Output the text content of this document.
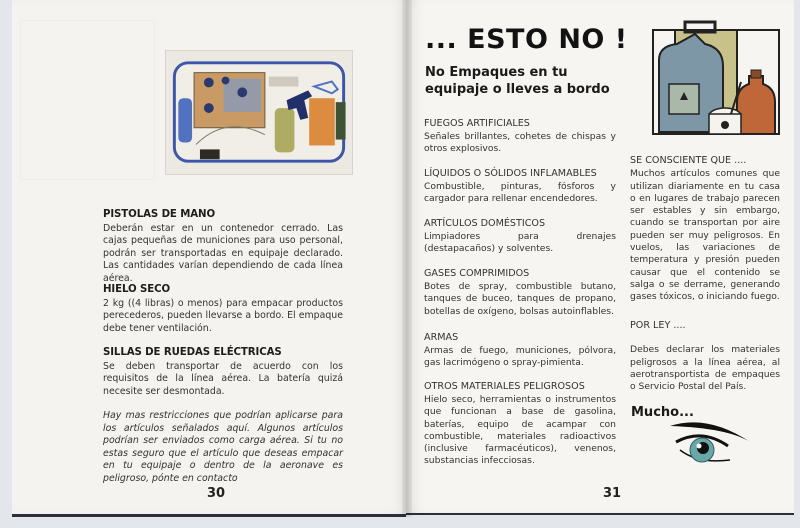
PISTOLAS DE MANO
Deberán estar en un contenedor cerrado. Las cajas pequeñas de municiones para uso personal, podrán ser transportadas en equipaje declarado. Las cantidades varían dependiendo de cada línea aérea.
HIELO SECO
2 kg ((4 libras) o menos) para empacar productos perecederos, pueden llevarse a bordo. El empaque debe tener ventilación.
SILLAS DE RUEDAS ELÉCTRICAS
Se deben transportar de acuerdo con los requisitos de la línea aérea. La batería quizá necesite ser desmontada.
Hay mas restricciones que podrían aplicarse para los artículos señalados aquí. Algunos artículos podrían ser enviados como carga aérea. Si tu no estas seguro que el artículo que deseas empacar en tu equipaje o dentro de la aeronave es peligroso, pónte en contacto
30
... ESTO NO !
No Empaques en tu equipaje o lleves a bordo
FUEGOS ARTIFICIALES
Señales brillantes, cohetes de chispas y otros explosivos.
LÍQUIDOS O SÓLIDOS INFLAMABLES
Combustible, pinturas, fósforos y cargador para rellenar encendedores.
ARTÍCULOS DOMÉSTICOS
Limpiadores para drenajes (destapacaños) y solventes.
GASES COMPRIMIDOS
Botes de spray, combustible butano, tanques de buceo, tanques de propano, botellas de oxígeno, bolsas autoinflables.
ARMAS
Armas de fuego, municiones, pólvora, gas lacrimógeno o spray-pimienta.
OTROS MATERIALES PELIGROSOS
Hielo seco, herramientas o instrumentos que funcionan a base de gasolina, baterías, equipo de acampar con combustible, materiales radioactivos (inclusive farmacéuticos), venenos, substancias infecciosas.
SE CONSCIENTE QUE ....
Muchos artículos comunes que utilizan diariamente en tu casa o en lugares de trabajo parecen ser estables y sin embargo, cuando se transportan por aire pueden ser muy peligrosos. En vuelos, las variaciones de temperatura y presión pueden causar que el contenido se salga o se derrame, generando gases tóxicos, o iniciando fuego.
POR LEY ....
Debes declarar los materiales peligrosos a la línea aérea, al aerotransportista de empaques o Servicio Postal del País.
Mucho...
31
